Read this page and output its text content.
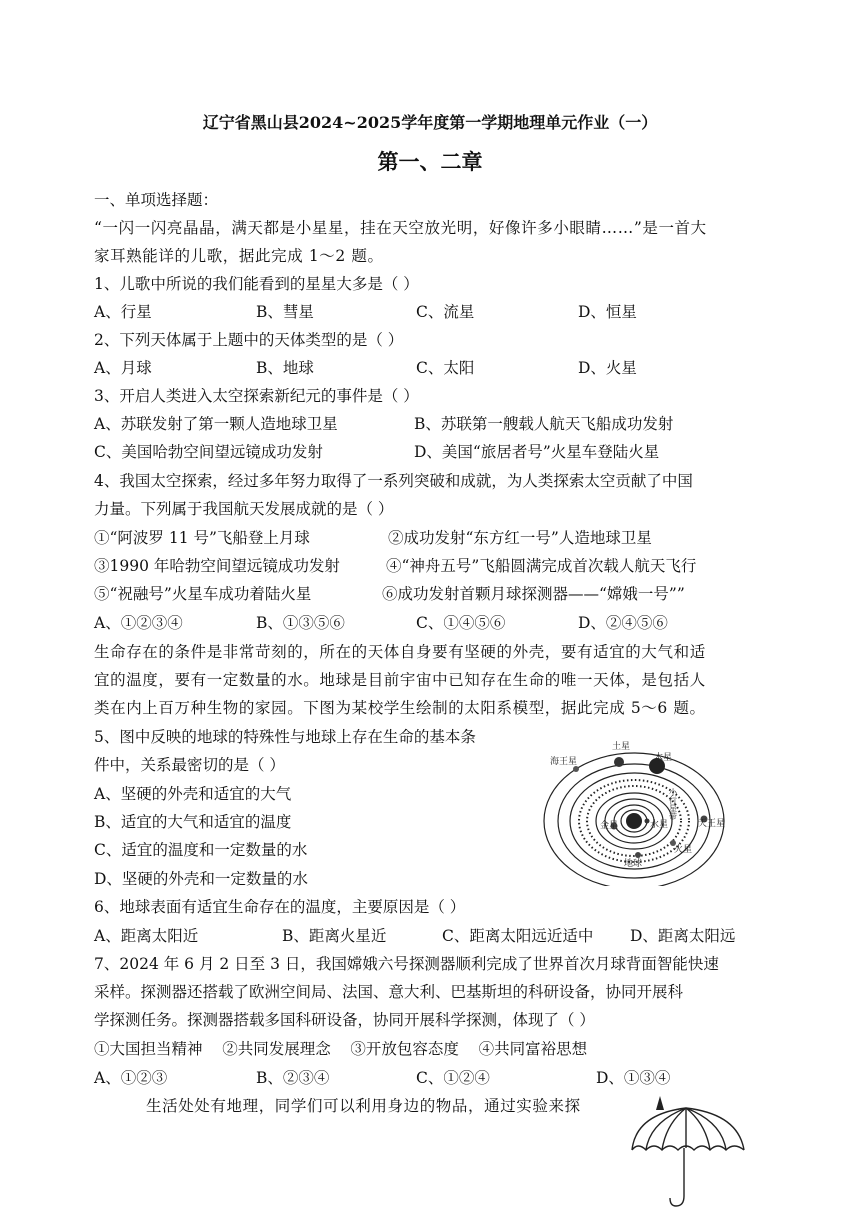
辽宁省黑山县2024~2025学年度第一学期地理单元作业（一）
第一、二章
一、单项选择题：
“一闪一闪亮晶晶，满天都是小星星，挂在天空放光明，好像许多小眼睛……”是一首大
家耳熟能详的儿歌，据此完成 1～2 题。
1、儿歌中所说的我们能看到的星星大多是（ ）
A、行星	B、彗星	C、流星	D、恒星
2、下列天体属于上题中的天体类型的是（ ）
A、月球	B、地球	C、太阳	D、火星
3、开启人类进入太空探索新纪元的事件是（ ）
A、苏联发射了第一颗人造地球卫星	B、苏联第一艘载人航天飞船成功发射
C、美国哈勃空间望远镜成功发射	D、美国“旅居者号”火星车登陆火星
4、我国太空探索，经过多年努力取得了一系列突破和成就，为人类探索太空贡献了中国
力量。下列属于我国航天发展成就的是（ ）
①“阿波罗 11 号”飞船登上月球	②成功发射“东方红一号”人造地球卫星
③1990 年哈勃空间望远镜成功发射	④“神舟五号”飞船圆满完成首次载人航天飞行
⑤“祝融号”火星车成功着陆火星	⑥成功发射首颗月球探测器——“嫦娥一号””
A、①②③④	B、①③⑤⑥	C、①④⑤⑥	D、②④⑤⑥
生命存在的条件是非常苛刻的，所在的天体自身要有坚硬的外壳，要有适宜的大气和适
宜的温度，要有一定数量的水。地球是目前宇宙中已知存在生命的唯一天体，是包括人
类在内上百万种生物的家园。下图为某校学生绘制的太阳系模型，据此完成 5～6 题。
5、图中反映的地球的特殊性与地球上存在生命的基本条
件中，关系最密切的是（ ）
A、坚硬的外壳和适宜的大气
B、适宜的大气和适宜的温度
C、适宜的温度和一定数量的水
D、坚硬的外壳和一定数量的水
6、地球表面有适宜生命存在的温度，主要原因是（ ）
A、距离太阳近	B、距离火星近	C、距离太阳远近适中 D、距离太阳远
7、2024 年 6 月 2 日至 3 日，我国嫦娥六号探测器顺利完成了世界首次月球背面智能快速
采样。探测器还搭载了欧洲空间局、法国、意大利、巴基斯坦的科研设备，协同开展科
学探测任务。探测器搭载多国科研设备，协同开展科学探测，体现了（ ）
①大国担当精神    ②共同发展理念    ③开放包容态度    ④共同富裕思想
A、①②③	B、②③④	C、①②④	D、①③④
生活处处有地理，同学们可以利用身边的物品，通过实验来探
海王星
土星
木星
天王星
金星	水星
火星
地球
小行星带
